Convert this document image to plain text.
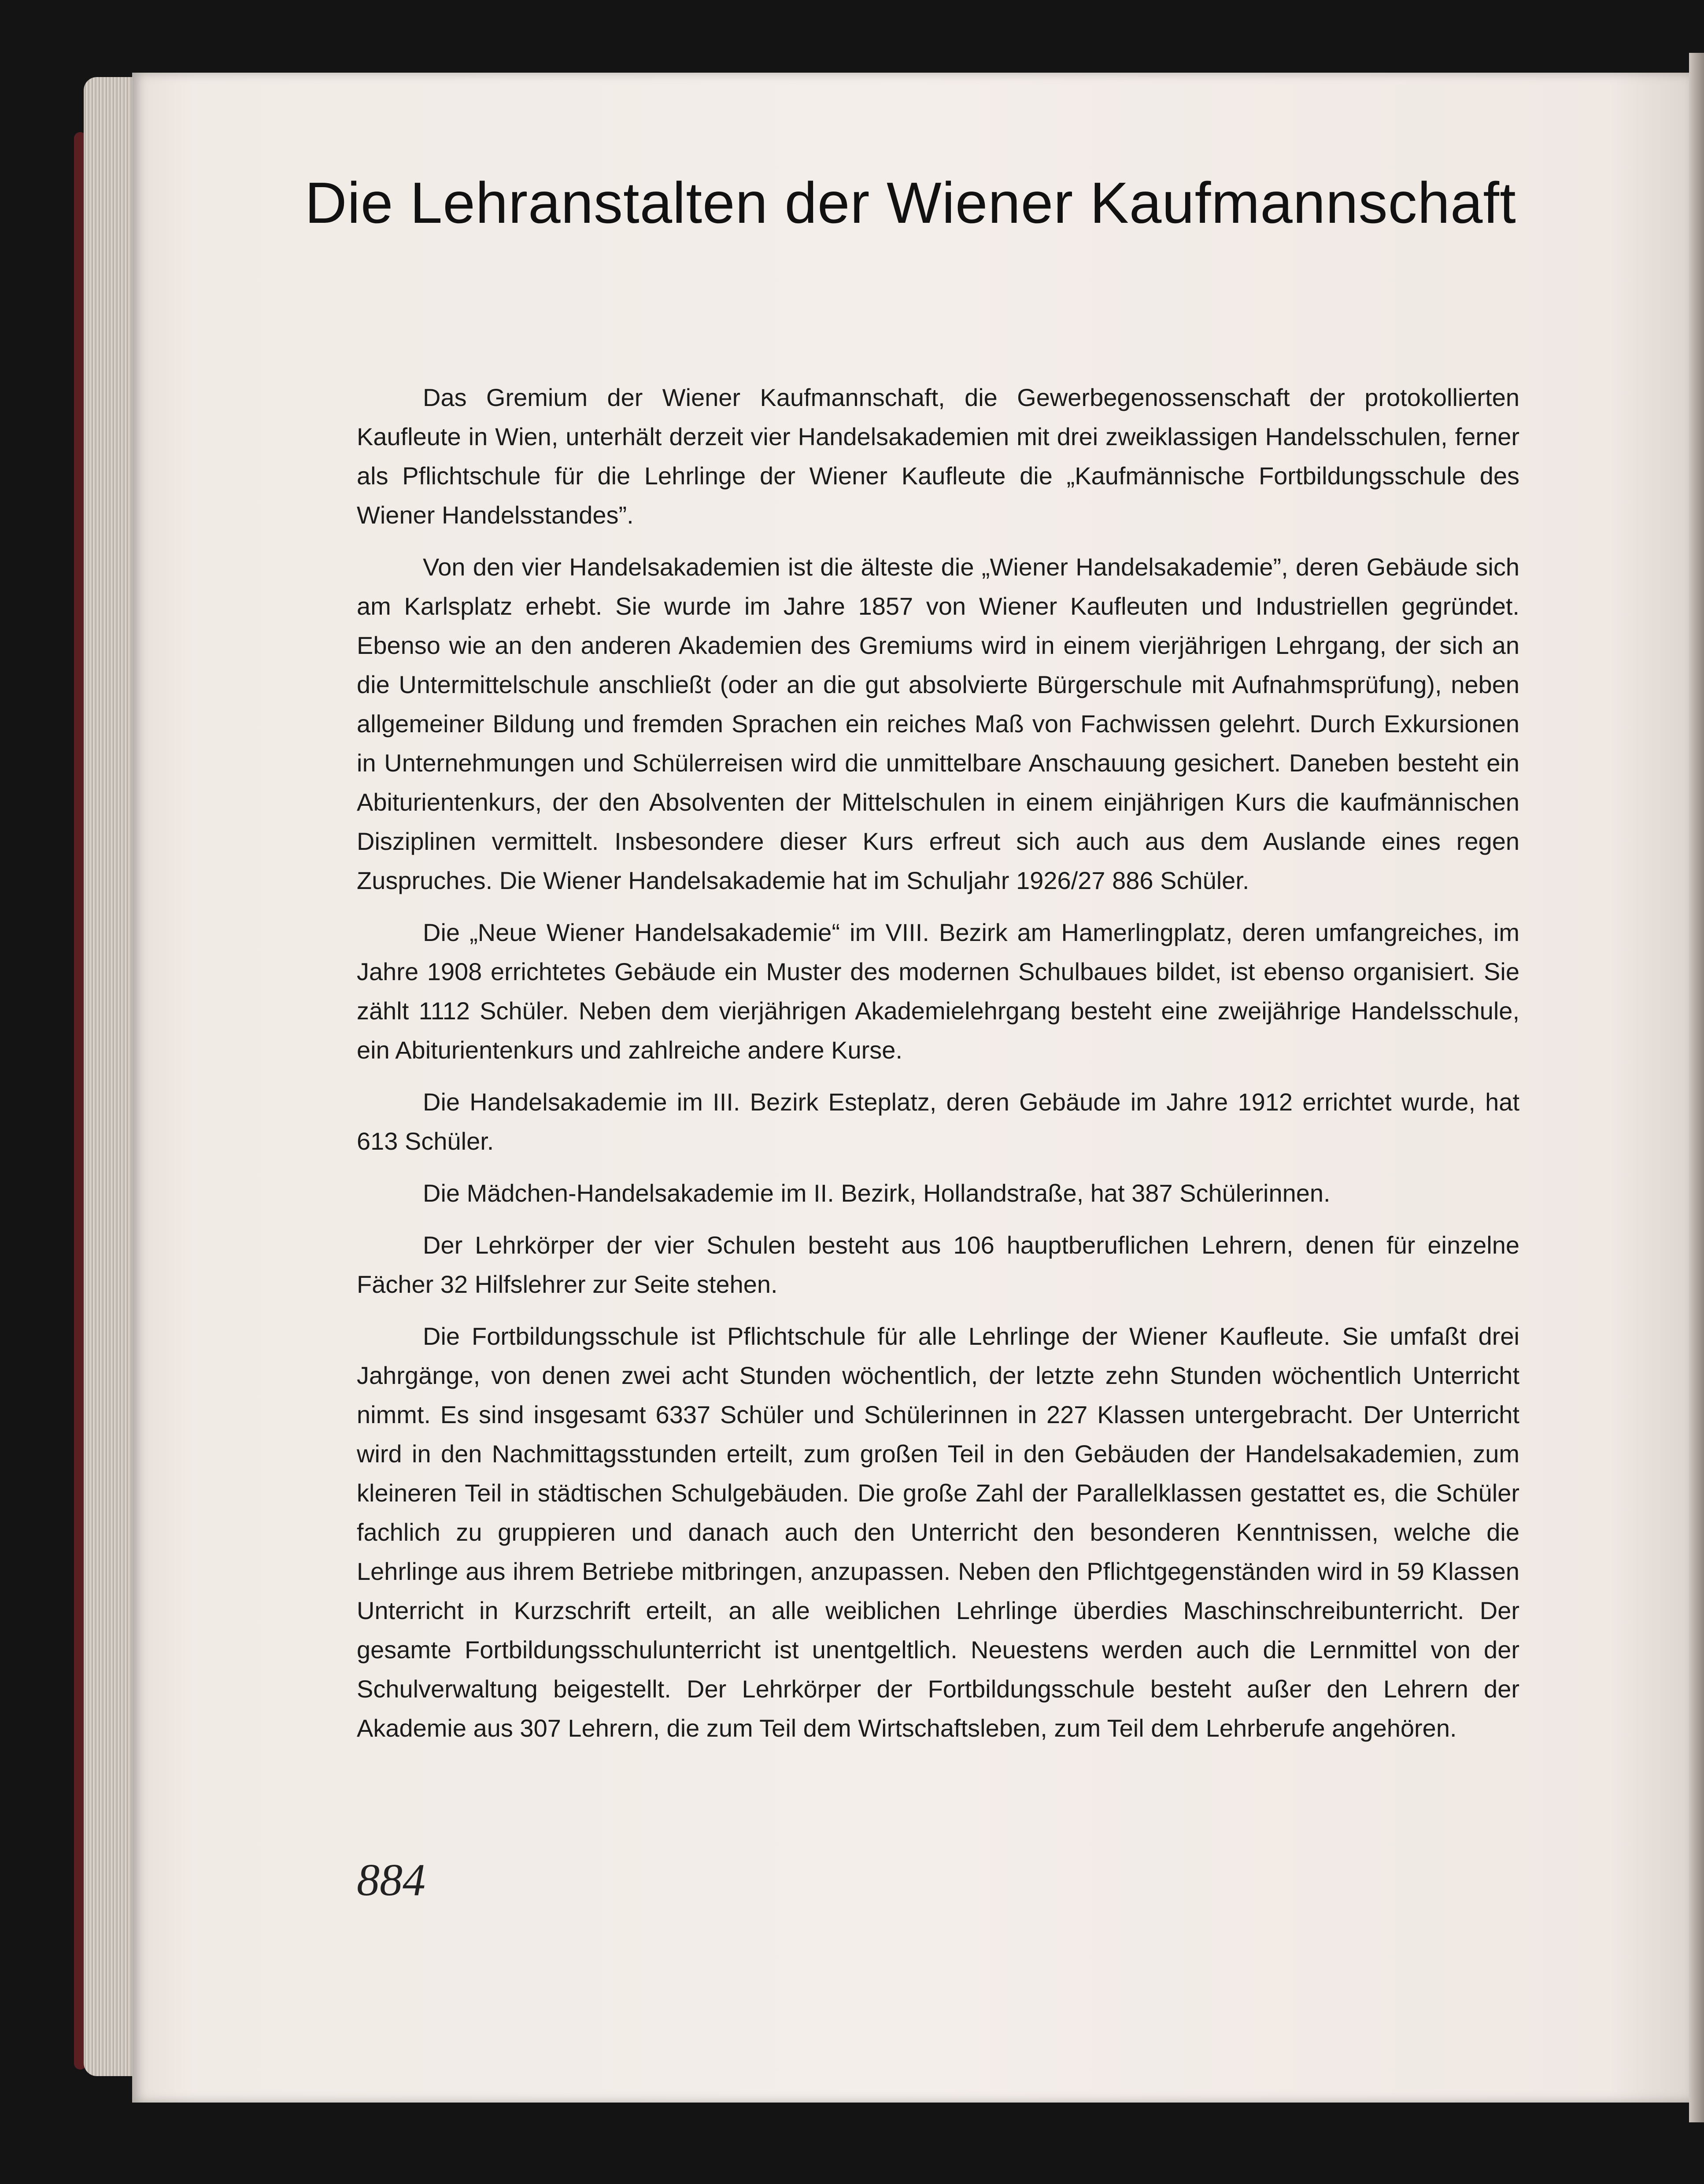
Die Lehranstalten der Wiener Kaufmannschaft

Das Gremium der Wiener Kaufmannschaft, die Gewerbegenossenschaft der protokollierten Kaufleute in Wien, unterhält derzeit vier Handelsakademien mit drei zweiklassigen Handelsschulen, ferner als Pflichtschule für die Lehrlinge der Wiener Kaufleute die „Kaufmännische Fortbildungsschule des Wiener Handelsstandes”.

Von den vier Handelsakademien ist die älteste die „Wiener Handelsakademie”, deren Gebäude sich am Karlsplatz erhebt. Sie wurde im Jahre 1857 von Wiener Kaufleuten und Industriellen gegründet. Ebenso wie an den anderen Akademien des Gremiums wird in einem vierjährigen Lehrgang, der sich an die Untermittelschule anschließt (oder an die gut absolvierte Bürgerschule mit Aufnahmsprüfung), neben allgemeiner Bildung und fremden Sprachen ein reiches Maß von Fachwissen gelehrt. Durch Exkursionen in Unternehmungen und Schülerreisen wird die unmittelbare Anschauung gesichert. Daneben besteht ein Abiturientenkurs, der den Absolventen der Mittelschulen in einem einjährigen Kurs die kaufmännischen Disziplinen vermittelt. Insbesondere dieser Kurs erfreut sich auch aus dem Auslande eines regen Zuspruches. Die Wiener Handelsakademie hat im Schuljahr 1926/27 886 Schüler.

Die „Neue Wiener Handelsakademie“ im VIII. Bezirk am Hamerlingplatz, deren umfangreiches, im Jahre 1908 errichtetes Gebäude ein Muster des modernen Schulbaues bildet, ist ebenso organisiert. Sie zählt 1112 Schüler. Neben dem vierjährigen Akademielehrgang besteht eine zweijährige Handelsschule, ein Abiturientenkurs und zahlreiche andere Kurse.

Die Handelsakademie im III. Bezirk Esteplatz, deren Gebäude im Jahre 1912 errichtet wurde, hat 613 Schüler.

Die Mädchen-Handelsakademie im II. Bezirk, Hollandstraße, hat 387 Schülerinnen.

Der Lehrkörper der vier Schulen besteht aus 106 hauptberuflichen Lehrern, denen für einzelne Fächer 32 Hilfslehrer zur Seite stehen.

Die Fortbildungsschule ist Pflichtschule für alle Lehrlinge der Wiener Kaufleute. Sie umfaßt drei Jahrgänge, von denen zwei acht Stunden wöchentlich, der letzte zehn Stunden wöchentlich Unterricht nimmt. Es sind insgesamt 6337 Schüler und Schülerinnen in 227 Klassen untergebracht. Der Unterricht wird in den Nachmittagsstunden erteilt, zum großen Teil in den Gebäuden der Handelsakademien, zum kleineren Teil in städtischen Schulgebäuden. Die große Zahl der Parallelklassen gestattet es, die Schüler fachlich zu gruppieren und danach auch den Unterricht den besonderen Kenntnissen, welche die Lehrlinge aus ihrem Betriebe mitbringen, anzupassen. Neben den Pflichtgegenständen wird in 59 Klassen Unterricht in Kurzschrift erteilt, an alle weiblichen Lehrlinge überdies Maschinschreibunterricht. Der gesamte Fortbildungsschulunterricht ist unentgeltlich. Neuestens werden auch die Lernmittel von der Schulverwaltung beigestellt. Der Lehrkörper der Fortbildungsschule besteht außer den Lehrern der Akademie aus 307 Lehrern, die zum Teil dem Wirtschaftsleben, zum Teil dem Lehrberufe angehören.

884
